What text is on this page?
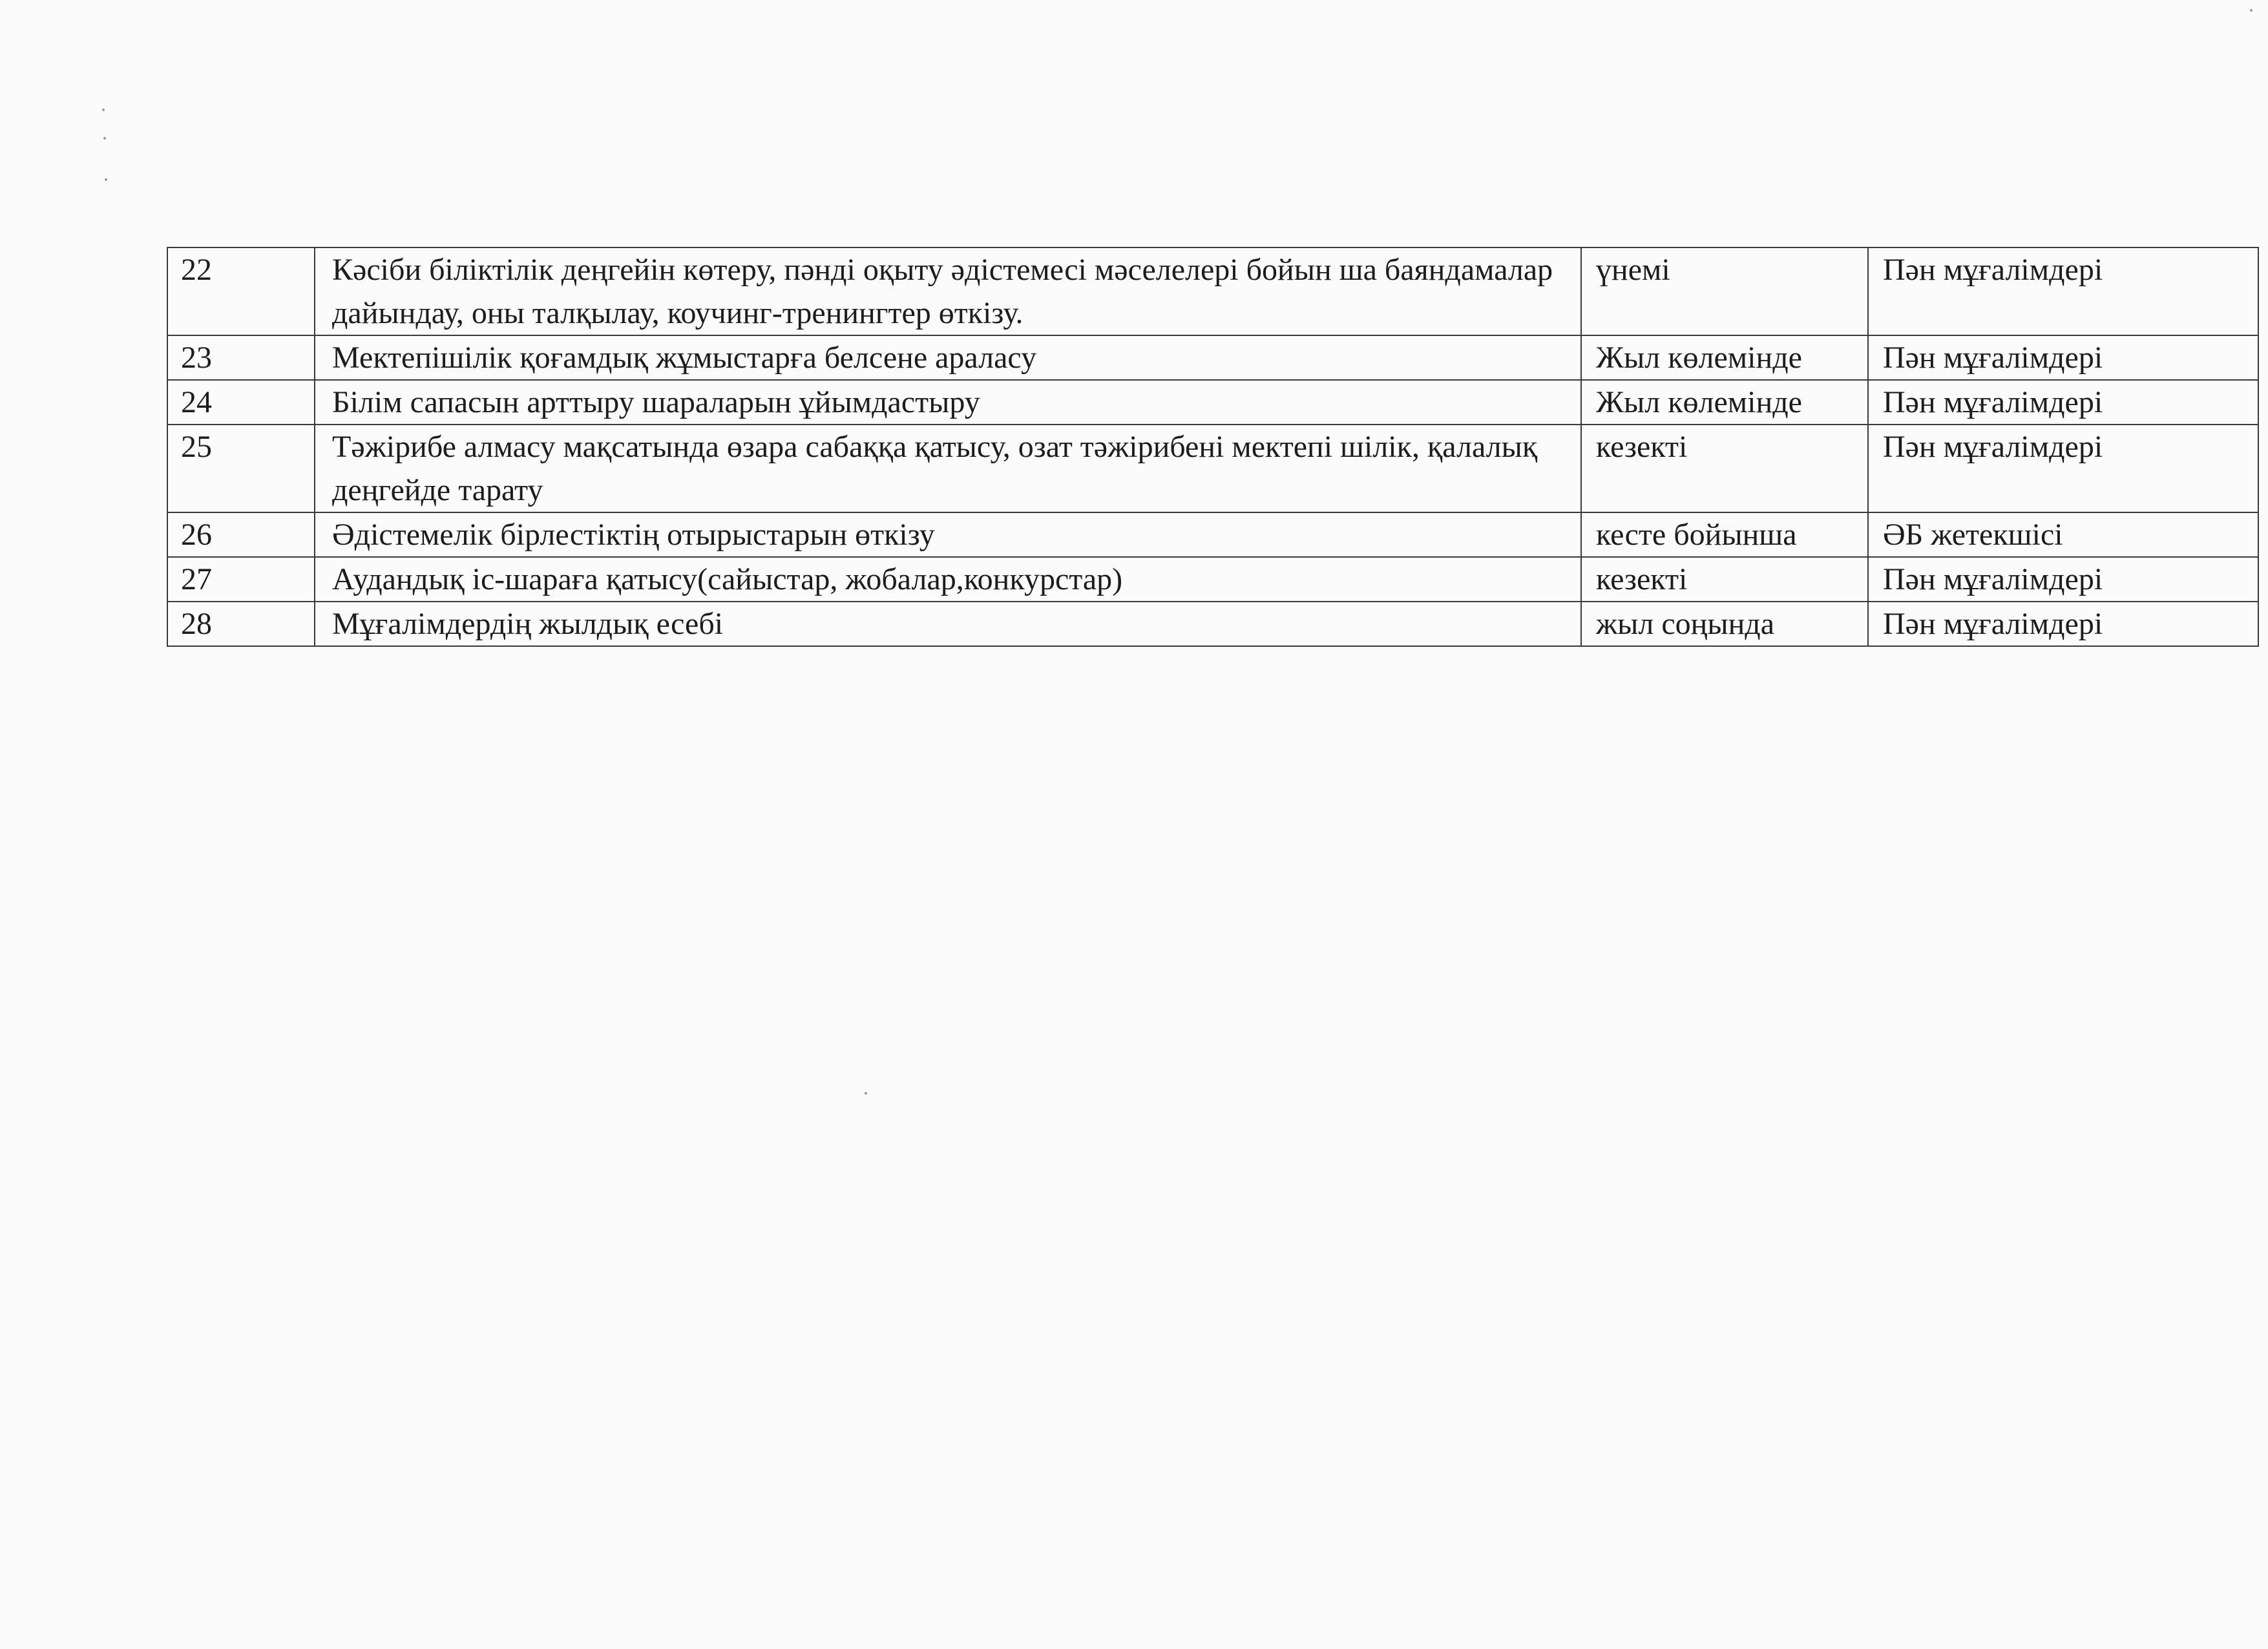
22	Кәсіби біліктілік деңгейін көтеру, пәнді оқыту әдістемесі мәселелері бойын ша баяндамалар дайындау, оны талқылау, коучинг-тренингтер өткізу.	үнемі	Пән мұғалімдері
23	Мектепішілік қоғамдық жұмыстарға белсене араласу	Жыл көлемінде	Пән мұғалімдері
24	Білім сапасын арттыру шараларын ұйымдастыру	Жыл көлемінде	Пән мұғалімдері
25	Тәжірибе алмасу мақсатында өзара сабаққа қатысу, озат тәжірибені мектепі шілік, қалалық деңгейде тарату	кезекті	Пән мұғалімдері
26	Әдістемелік бірлестіктің отырыстарын өткізу	кесте бойынша	ӘБ жетекшісі
27	Аудандық іс-шараға қатысу(сайыстар, жобалар,конкурстар)	кезекті	Пән мұғалімдері
28	Мұғалімдердің жылдық есебі	жыл соңында	Пән мұғалімдері
